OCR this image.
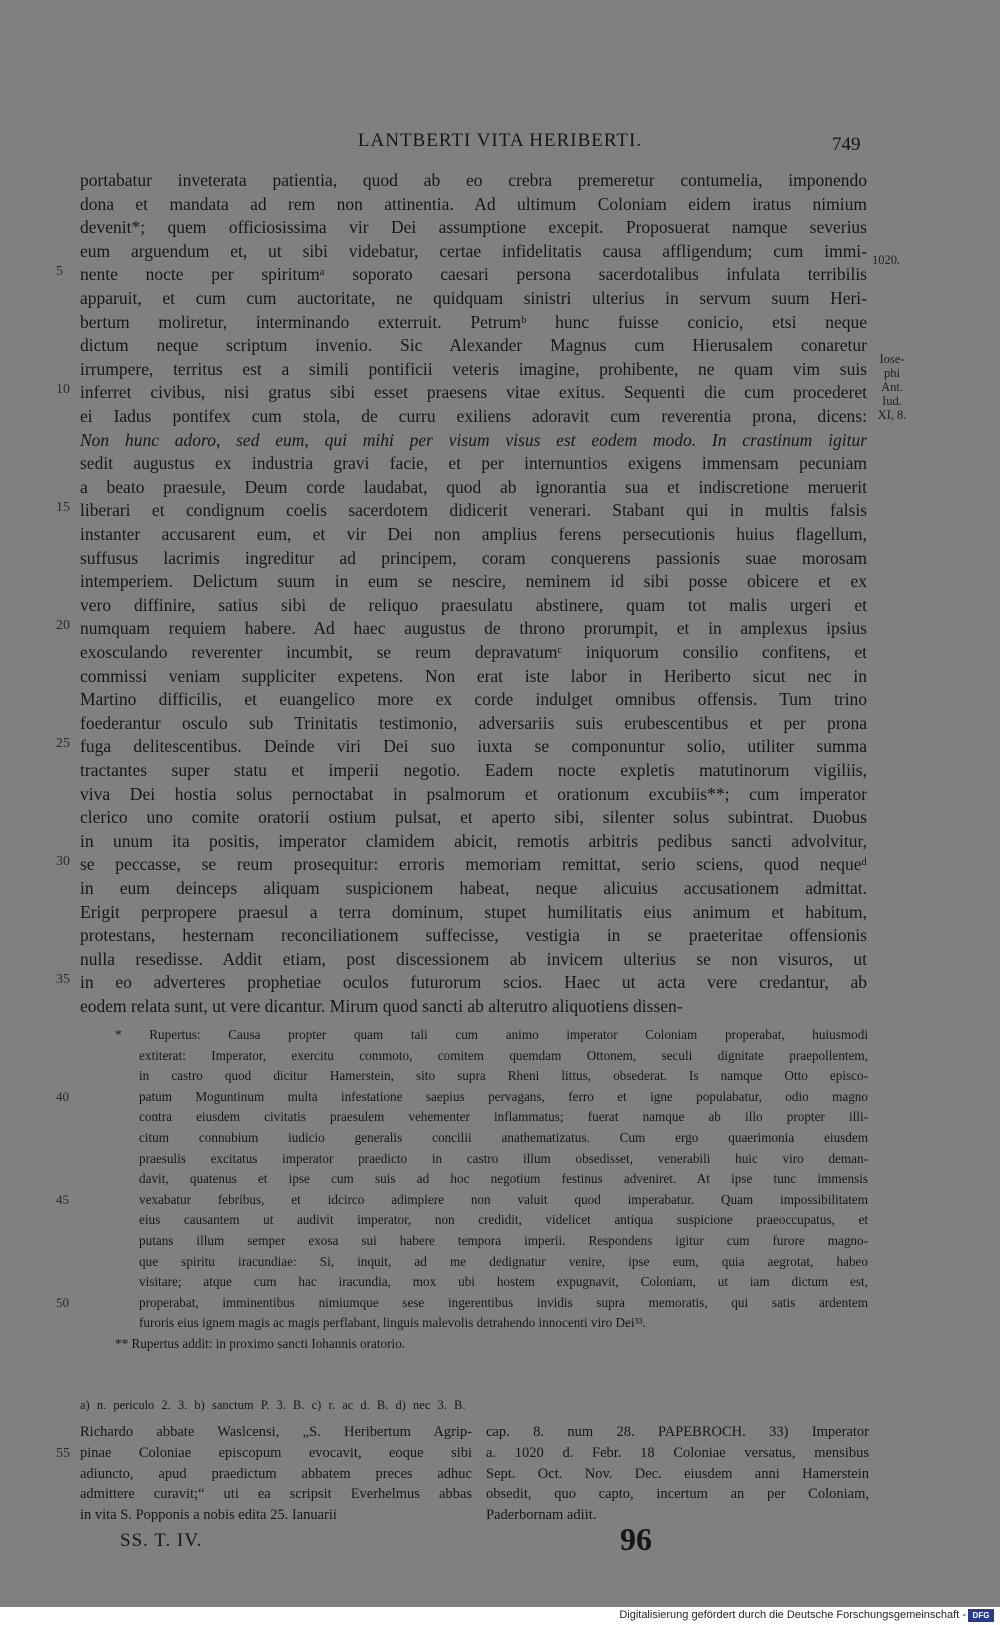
LANTBERTI VITA HERIBERTI.	749
portabatur inveterata patientia, quod ab eo crebra premeretur contumelia, imponendo
dona et mandata ad rem non attinentia. Ad ultimum Coloniam eidem iratus nimium
devenit*; quem officiosissima vir Dei assumptione excepit. Proposuerat namque severius
eum arguendum et, ut sibi videbatur, certae infidelitatis causa affligendum; cum immi-
nente nocte per spiritumᵃ soporato caesari persona sacerdotalibus infulata terribilis
apparuit, et cum cum auctoritate, ne quidquam sinistri ulterius in servum suum Heri-
bertum moliretur, interminando exterruit. Petrumᵇ hunc fuisse conicio, etsi neque
dictum neque scriptum invenio. Sic Alexander Magnus cum Hierusalem conaretur
irrumpere, territus est a simili pontificii veteris imagine, prohibente, ne quam vim suis
inferret civibus, nisi gratus sibi esset praesens vitae exitus. Sequenti die cum procederet
ei Iadus pontifex cum stola, de curru exiliens adoravit cum reverentia prona, dicens:
Non hunc adoro, sed eum, qui mihi per visum visus est eodem modo. In crastinum igitur
sedit augustus ex industria gravi facie, et per internuntios exigens immensam pecuniam
a beato praesule, Deum corde laudabat, quod ab ignorantia sua et indiscretione meruerit
liberari et condignum coelis sacerdotem didicerit venerari. Stabant qui in multis falsis
instanter accusarent eum, et vir Dei non amplius ferens persecutionis huius flagellum,
suffusus lacrimis ingreditur ad principem, coram conquerens passionis suae morosam
intemperiem. Delictum suum in eum se nescire, neminem id sibi posse obicere et ex
vero diffinire, satius sibi de reliquo praesulatu abstinere, quam tot malis urgeri et
numquam requiem habere. Ad haec augustus de throno prorumpit, et in amplexus ipsius
exosculando reverenter incumbit, se reum depravatumᶜ iniquorum consilio confitens, et
commissi veniam suppliciter expetens. Non erat iste labor in Heriberto sicut nec in
Martino difficilis, et euangelico more ex corde indulget omnibus offensis. Tum trino
foederantur osculo sub Trinitatis testimonio, adversariis suis erubescentibus et per prona
fuga delitescentibus. Deinde viri Dei suo iuxta se componuntur solio, utiliter summa
tractantes super statu et imperii negotio. Eadem nocte expletis matutinorum vigiliis,
viva Dei hostia solus pernoctabat in psalmorum et orationum excubiis**; cum imperator
clerico uno comite oratorii ostium pulsat, et aperto sibi, silenter solus subintrat. Duobus
in unum ita positis, imperator clamidem abicit, remotis arbitris pedibus sancti advolvitur,
se peccasse, se reum prosequitur: erroris memoriam remittat, serio sciens, quod nequeᵈ
in eum deinceps aliquam suspicionem habeat, neque alicuius accusationem admittat.
Erigit perpropere praesul a terra dominum, stupet humilitatis eius animum et habitum,
protestans, hesternam reconciliationem suffecisse, vestigia in se praeteritae offensionis
nulla resedisse. Addit etiam, post discessionem ab invicem ulterius se non visuros, ut
in eo adverteres prophetiae oculos futurorum scios. Haec ut acta vere credantur, ab
eodem relata sunt, ut vere dicantur. Mirum quod sancti ab alterutro aliquotiens dissen-
5
10
15
20
25
30
35
* Rupertus: Causa propter quam tali cum animo imperator Coloniam properabat, huiusmodi
extiterat: Imperator, exercitu commoto, comitem quemdam Ottonem, seculi dignitate praepollentem,
in castro quod dicitur Hamerstein, sito supra Rheni littus, obsederat. Is namque Otto episco-
patum Moguntinum multa infestatione saepius pervagans, ferro et igne populabatur, odio magno
contra eiusdem civitatis praesulem vehementer inflammatus; fuerat namque ab illo propter illi-
citum connubium iudicio generalis concilii anathematizatus. Cum ergo quaerimonia eiusdem
praesulis excitatus imperator praedicto in castro illum obsedisset, venerabili huic viro deman-
davit, quatenus et ipse cum suis ad hoc negotium festinus adveniret. At ipse tunc immensis
vexabatur febribus, et idcirco adimplere non valuit quod imperabatur. Quam impossibilitatem
eius causantem ut audivit imperator, non credidit, videlicet antiqua suspicione praeoccupatus, et
putans illum semper exosa sui habere tempora imperii. Respondens igitur cum furore magno-
que spiritu iracundiae: Si, inquit, ad me dedignatur venire, ipse eum, quia aegrotat, habeo
visitare; atque cum hac iracundia, mox ubi hostem expugnavit, Coloniam, ut iam dictum est,
properabat, imminentibus nimiumque sese ingerentibus invidis supra memoratis, qui satis ardentem
furoris eius ignem magis ac magis perflabant, linguis malevolis detrahendo innocenti viro Dei³³.
** Rupertus addit: in proximo sancti Iohannis oratorio.
40
45
50
a) n. periculo 2. 3. b) sanctum P. 3. B. c) r. ac d. B. d) nec 3. B.
Richardo abbate Waslcensi, „S. Heribertum Agrip-
pinae Coloniae episcopum evocavit, eoque sibi
adiuncto, apud praedictum abbatem preces adhuc
admittere curavit;“ uti ea scripsit Everhelmus abbas
in vita S. Popponis a nobis edita 25. Ianuarii
cap. 8. num 28. PAPEBROCH. 33) Imperator
a. 1020 d. Febr. 18 Coloniae versatus, mensibus
Sept. Oct. Nov. Dec. eiusdem anni Hamerstein
obsedit, quo capto, incertum an per Coloniam,
Paderbornam adiit.
55
1020.
Iose-
phi
Ant.
Iud.
XI, 8.
SS. T. IV.	96
Digitalisierung gefördert durch die Deutsche Forschungsgemeinschaft - DFG
